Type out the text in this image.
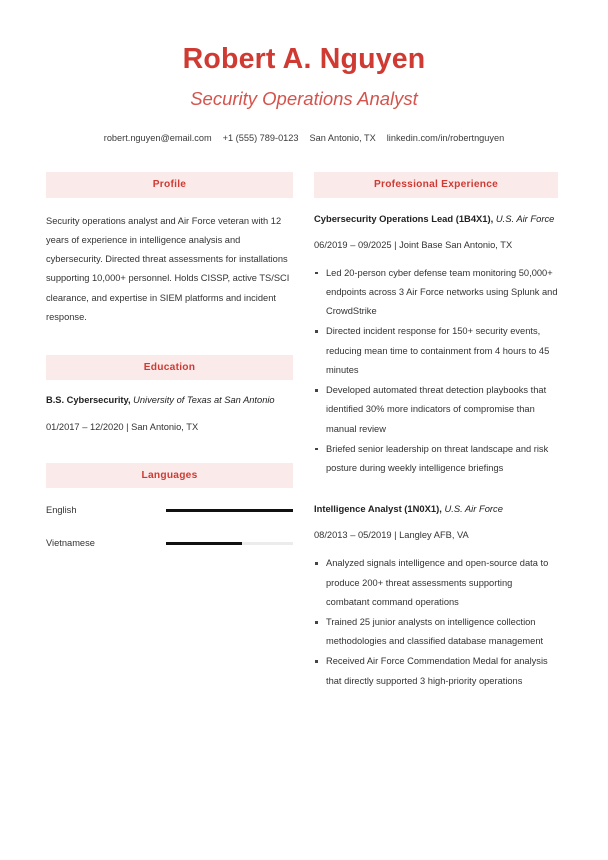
Robert A. Nguyen
Security Operations Analyst
robert.nguyen@email.com +1 (555) 789-0123 San Antonio, TX linkedin.com/in/robertnguyen
Profile

Security operations analyst and Air Force veteran with 12 years of experience in intelligence analysis and cybersecurity. Directed threat assessments for installations supporting 10,000+ personnel. Holds CISSP, active TS/SCI clearance, and expertise in SIEM platforms and incident response.

Education

B.S. Cybersecurity, University of Texas at San Antonio

01/2017 – 12/2020 | San Antonio, TX

Languages
English
Vietnamese
Professional Experience

Cybersecurity Operations Lead (1B4X1), U.S. Air Force

06/2019 – 09/2025 | Joint Base San Antonio, TX

Led 20-person cyber defense team monitoring 50,000+ endpoints across 3 Air Force networks using Splunk and CrowdStrike
Directed incident response for 150+ security events, reducing mean time to containment from 4 hours to 45 minutes
Developed automated threat detection playbooks that identified 30% more indicators of compromise than manual review
Briefed senior leadership on threat landscape and risk posture during weekly intelligence briefings

Intelligence Analyst (1N0X1), U.S. Air Force

08/2013 – 05/2019 | Langley AFB, VA

Analyzed signals intelligence and open-source data to produce 200+ threat assessments supporting combatant command operations
Trained 25 junior analysts on intelligence collection methodologies and classified database management
Received Air Force Commendation Medal for analysis that directly supported 3 high-priority operations
